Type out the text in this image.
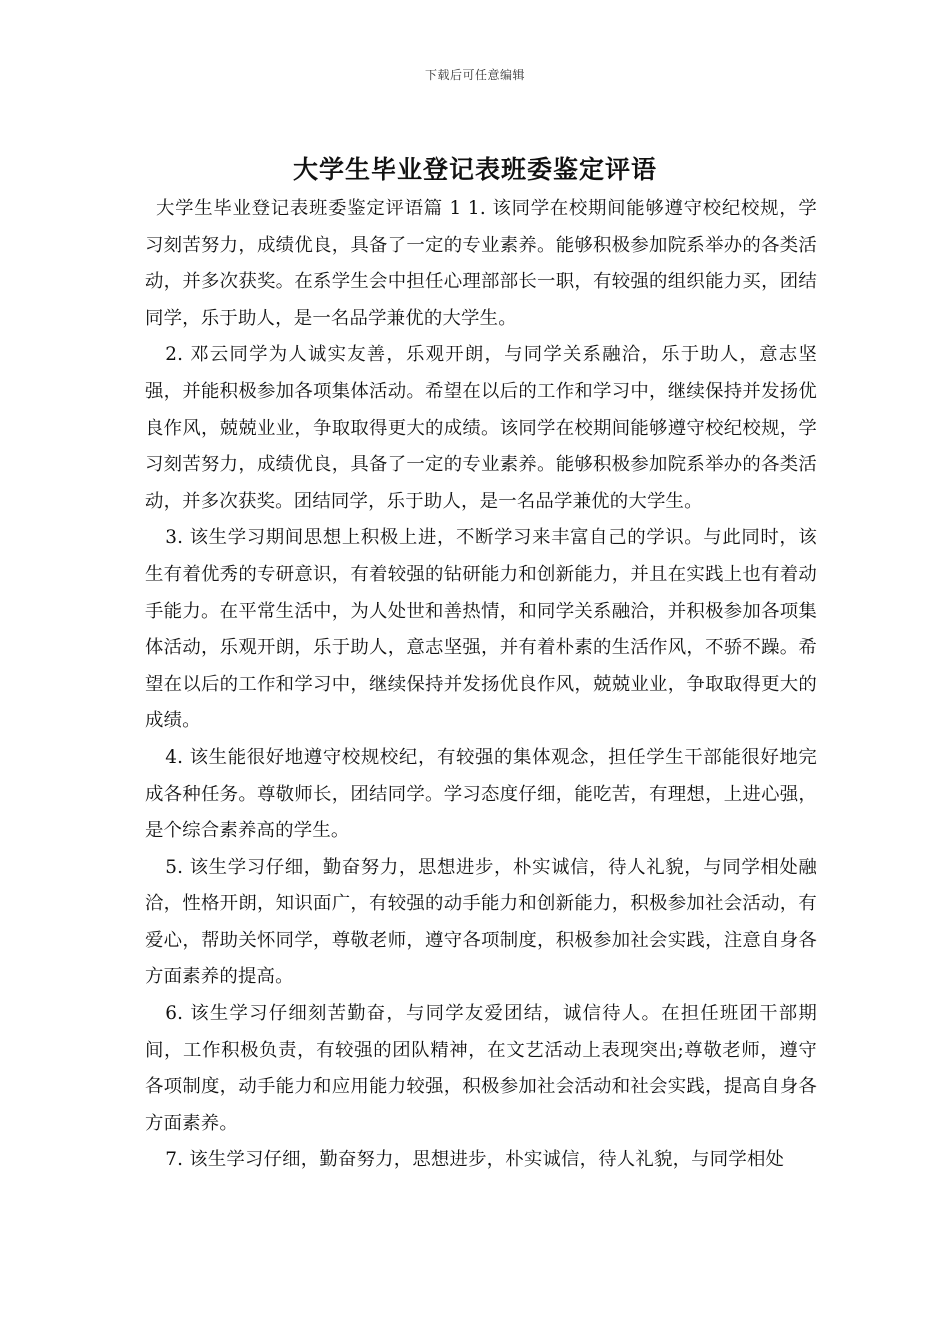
下载后可任意编辑
大学生毕业登记表班委鉴定评语

大学生毕业登记表班委鉴定评语篇 1 1. 该同学在校期间能够遵守校纪校规，学习刻苦努力，成绩优良，具备了一定的专业素养。能够积极参加院系举办的各类活动，并多次获奖。在系学生会中担任心理部部长一职，有较强的组织能力买，团结同学，乐于助人，是一名品学兼优的大学生。

2. 邓云同学为人诚实友善，乐观开朗，与同学关系融洽，乐于助人，意志坚强，并能积极参加各项集体活动。希望在以后的工作和学习中，继续保持并发扬优良作风，兢兢业业，争取取得更大的成绩。该同学在校期间能够遵守校纪校规，学习刻苦努力，成绩优良，具备了一定的专业素养。能够积极参加院系举办的各类活动，并多次获奖。团结同学，乐于助人，是一名品学兼优的大学生。

3. 该生学习期间思想上积极上进，不断学习来丰富自己的学识。与此同时，该生有着优秀的专研意识，有着较强的钻研能力和创新能力，并且在实践上也有着动手能力。在平常生活中，为人处世和善热情，和同学关系融洽，并积极参加各项集体活动，乐观开朗，乐于助人，意志坚强，并有着朴素的生活作风，不骄不躁。希望在以后的工作和学习中，继续保持并发扬优良作风，兢兢业业，争取取得更大的成绩。

4. 该生能很好地遵守校规校纪，有较强的集体观念，担任学生干部能很好地完成各种任务。尊敬师长，团结同学。学习态度仔细，能吃苦，有理想，上进心强，是个综合素养高的学生。

5. 该生学习仔细，勤奋努力，思想进步，朴实诚信，待人礼貌，与同学相处融洽，性格开朗，知识面广，有较强的动手能力和创新能力，积极参加社会活动，有爱心，帮助关怀同学，尊敬老师，遵守各项制度，积极参加社会实践，注意自身各方面素养的提高。

6. 该生学习仔细刻苦勤奋，与同学友爱团结，诚信待人。在担任班团干部期间，工作积极负责，有较强的团队精神，在文艺活动上表现突出;尊敬老师，遵守各项制度，动手能力和应用能力较强，积极参加社会活动和社会实践，提高自身各方面素养。

7. 该生学习仔细，勤奋努力，思想进步，朴实诚信，待人礼貌，与同学相处
